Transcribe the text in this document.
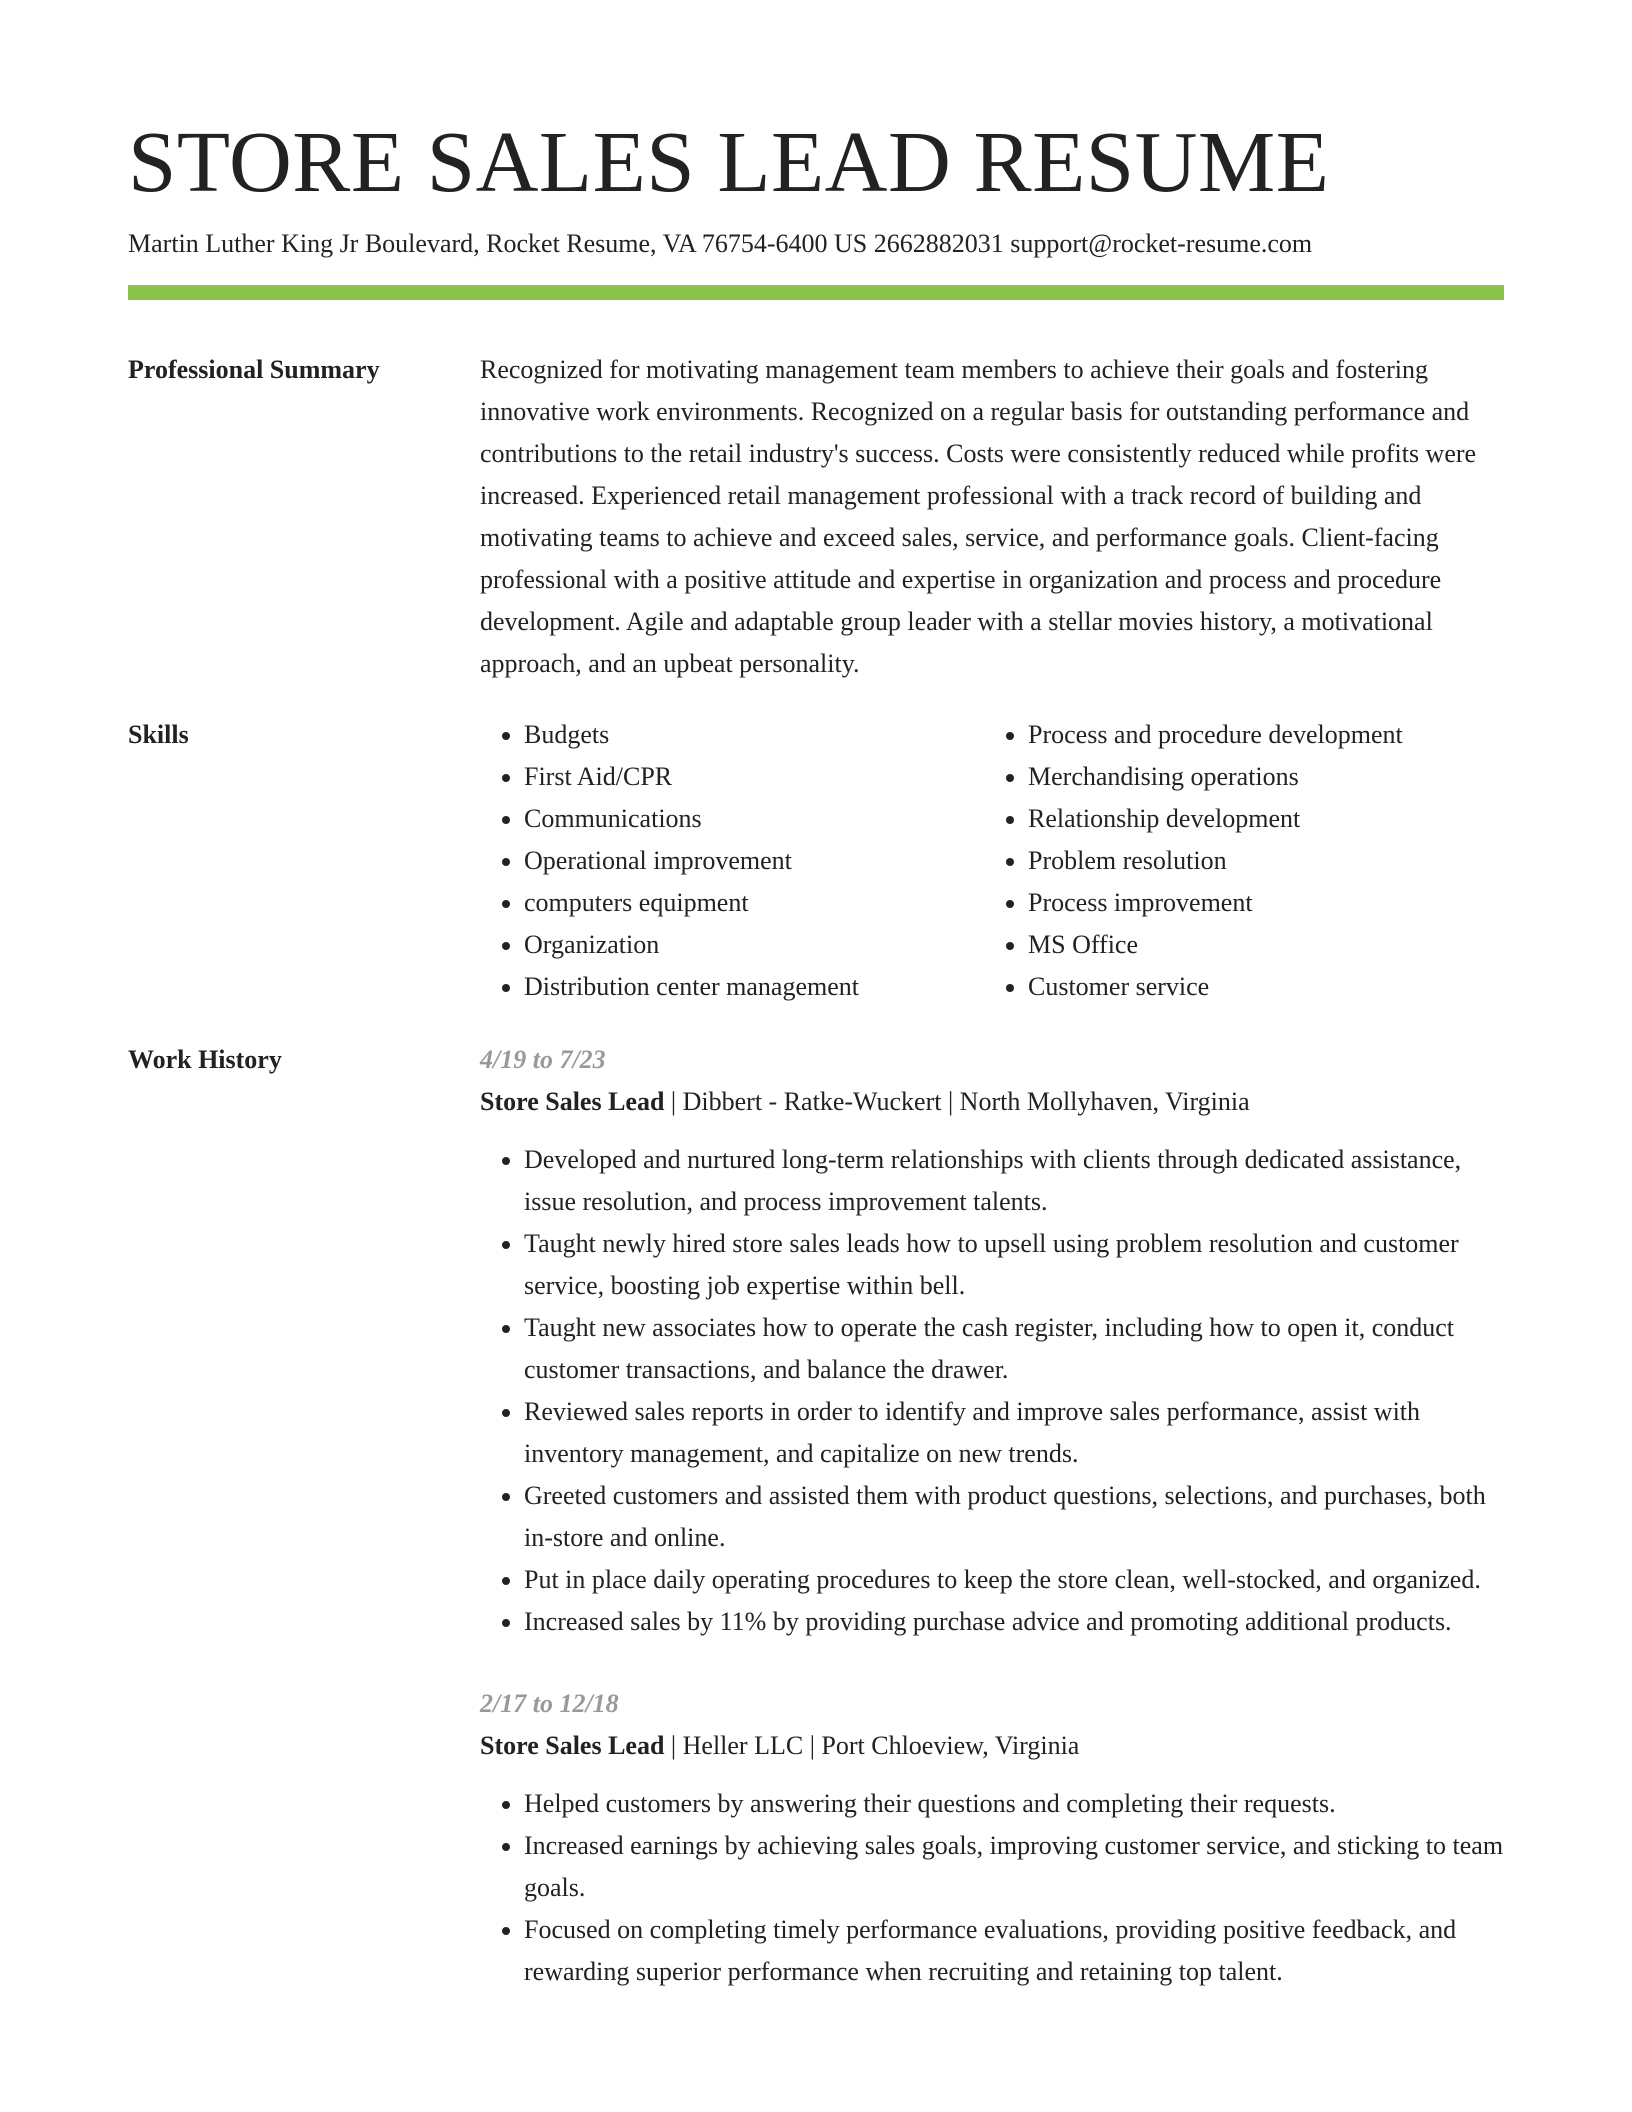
STORE SALES LEAD RESUME
Martin Luther King Jr Boulevard, Rocket Resume, VA 76754-6400 US 2662882031 support@rocket-resume.com
Professional Summary	Recognized for motivating management team members to achieve their goals and fostering innovative work environments. Recognized on a regular basis for outstanding performance and contributions to the retail industry's success. Costs were consistently reduced while profits were increased. Experienced retail management professional with a track record of building and motivating teams to achieve and exceed sales, service, and performance goals. Client-facing professional with a positive attitude and expertise in organization and process and procedure development. Agile and adaptable group leader with a stellar movies history, a motivational approach, and an upbeat personality.

Skills
•	Budgets
• First Aid/CPR
• Communications
• Operational improvement
• computers equipment
• Organization
• Distribution center management
• Process and procedure development
• Merchandising operations
• Relationship development
• Problem resolution
• Process improvement
• MS Office
• Customer service
Work History	4/19 to 7/23
Store Sales Lead | Dibbert - Ratke-Wuckert | North Mollyhaven, Virginia
• Developed and nurtured long-term relationships with clients through dedicated assistance, issue resolution, and process improvement talents.
• Taught newly hired store sales leads how to upsell using problem resolution and customer service, boosting job expertise within bell.
• Taught new associates how to operate the cash register, including how to open it, conduct customer transactions, and balance the drawer.
• Reviewed sales reports in order to identify and improve sales performance, assist with inventory management, and capitalize on new trends.
• Greeted customers and assisted them with product questions, selections, and purchases, both in-store and online.
• Put in place daily operating procedures to keep the store clean, well-stocked, and organized.
• Increased sales by 11% by providing purchase advice and promoting additional products.
2/17 to 12/18
Store Sales Lead | Heller LLC | Port Chloeview, Virginia
• Helped customers by answering their questions and completing their requests.
• Increased earnings by achieving sales goals, improving customer service, and sticking to team goals.
• Focused on completing timely performance evaluations, providing positive feedback, and rewarding superior performance when recruiting and retaining top talent.
